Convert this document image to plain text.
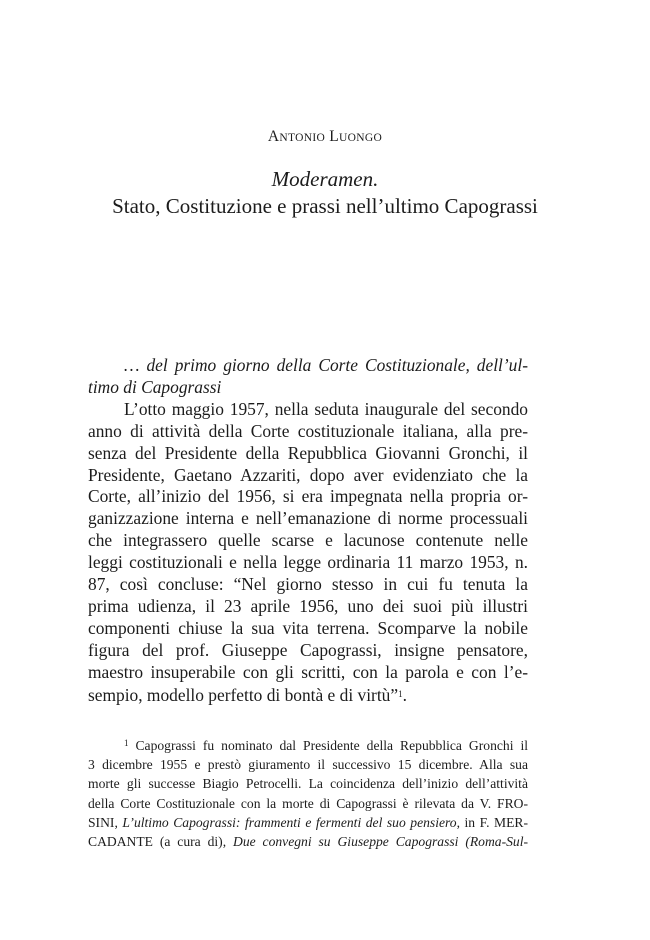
ANTONIO LUONGO
Moderamen.
Stato, Costituzione e prassi nell’ultimo Capograssi

… del primo giorno della Corte Costituzionale, dell’ul-
timo di Capograssi

L’otto maggio 1957, nella seduta inaugurale del secondo
anno di attività della Corte costituzionale italiana, alla pre-
senza del Presidente della Repubblica Giovanni Gronchi, il
Presidente, Gaetano Azzariti, dopo aver evidenziato che la
Corte, all’inizio del 1956, si era impegnata nella propria or-
ganizzazione interna e nell’emanazione di norme processuali
che integrassero quelle scarse e lacunose contenute nelle
leggi costituzionali e nella legge ordinaria 11 marzo 1953, n.
87, così concluse: “Nel giorno stesso in cui fu tenuta la
prima udienza, il 23 aprile 1956, uno dei suoi più illustri
componenti chiuse la sua vita terrena. Scomparve la nobile
figura del prof. Giuseppe Capograssi, insigne pensatore,
maestro insuperabile con gli scritti, con la parola e con l’e-
sempio, modello perfetto di bontà e di virtù”$^1$.

$^1$ Capograssi fu nominato dal Presidente della Repubblica Gronchi il
3 dicembre 1955 e prestò giuramento il successivo 15 dicembre. Alla sua
morte gli successe Biagio Petrocelli. La coincidenza dell’inizio dell’attività
della Corte Costituzionale con la morte di Capograssi è rilevata da V. FRO-
SINI, L’ultimo Capograssi: frammenti e fermenti del suo pensiero, in F. MER-
CADANTE (a cura di), Due convegni su Giuseppe Capograssi (Roma-Sul-
